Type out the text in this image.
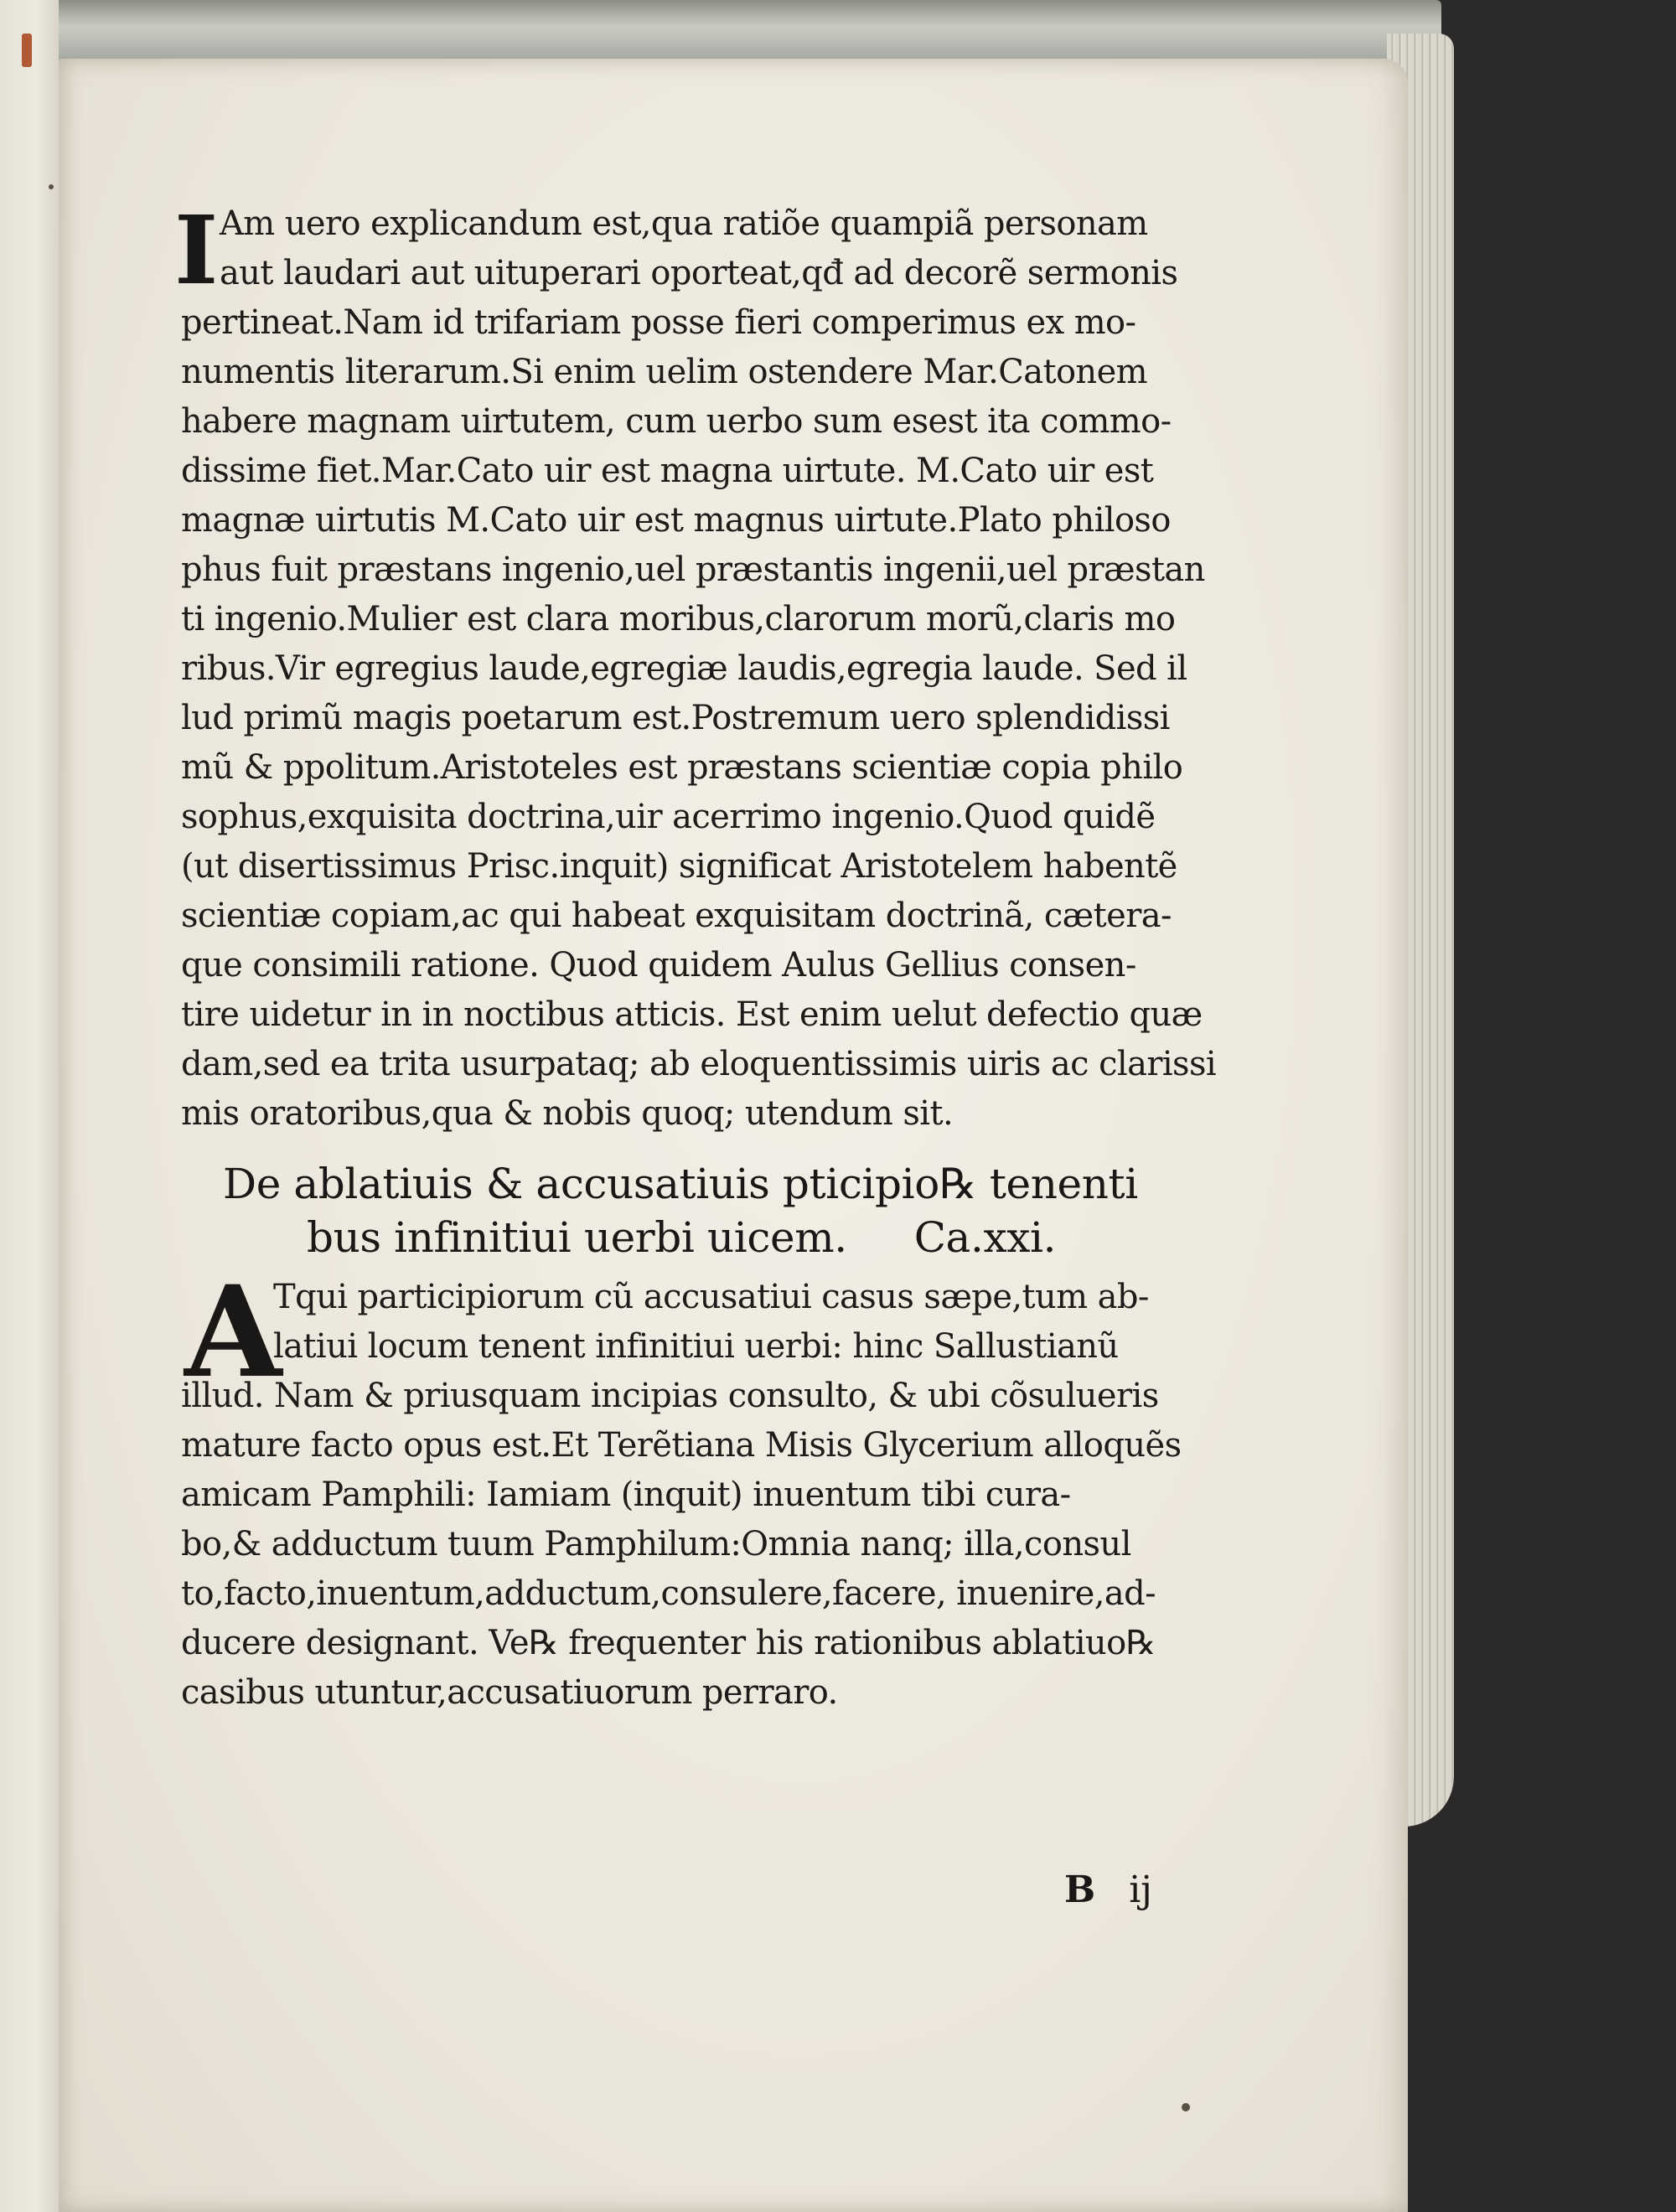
I Am uero explicandum est,qua ratiõe quampiã personam
aut laudari aut uituperari oporteat,qđ ad decorẽ sermonis
pertineat.Nam id trifariam posse fieri comperimus ex mo-
numentis literarum.Si enim uelim ostendere Mar.Catonem
habere magnam uirtutem, cum uerbo sum esest ita commo-
dissime fiet.Mar.Cato uir est magna uirtute. M.Cato uir est
magnæ uirtutis M.Cato uir est magnus uirtute.Plato philoso
phus fuit præstans ingenio,uel præstantis ingenii,uel præstan
ti ingenio.Mulier est clara moribus,clarorum morũ,claris mo
ribus.Vir egregius laude,egregiæ laudis,egregia laude. Sed il
lud primũ magis poetarum est.Postremum uero splendidissi
mũ & ppolitum.Aristoteles est præstans scientiæ copia philo
sophus,exquisita doctrina,uir acerrimo ingenio.Quod quidẽ
(ut disertissimus Prisc.inquit) significat Aristotelem habentẽ
scientiæ copiam,ac qui habeat exquisitam doctrinã, cætera-
que consimili ratione. Quod quidem Aulus Gellius consen-
tire uidetur in in noctibus atticis. Est enim uelut defectio quæ
dam,sed ea trita usurpataq; ab eloquentissimis uiris ac clarissi
mis oratoribus,qua & nobis quoq; utendum sit.
De ablatiuis & accusatiuis pticipio℞ tenenti
bus infinitiui uerbi uicem. Ca.xxi.
A
Tqui participiorum cũ accusatiui casus sæpe,tum ab-
latiui locum tenent infinitiui uerbi: hinc Sallustianũ
illud. Nam & priusquam incipias consulto, & ubi cõsulueris
mature facto opus est.Et Terẽtiana Misis Glycerium alloquẽs
amicam Pamphili: Iamiam (inquit) inuentum tibi cura-
bo,& adductum tuum Pamphilum:Omnia nanq; illa,consul
to,facto,inuentum,adductum,consulere,facere, inuenire,ad-
ducere designant. Ve℞ frequenter his rationibus ablatiuo℞
casibus utuntur,accusatiuorum perraro.
B ij
